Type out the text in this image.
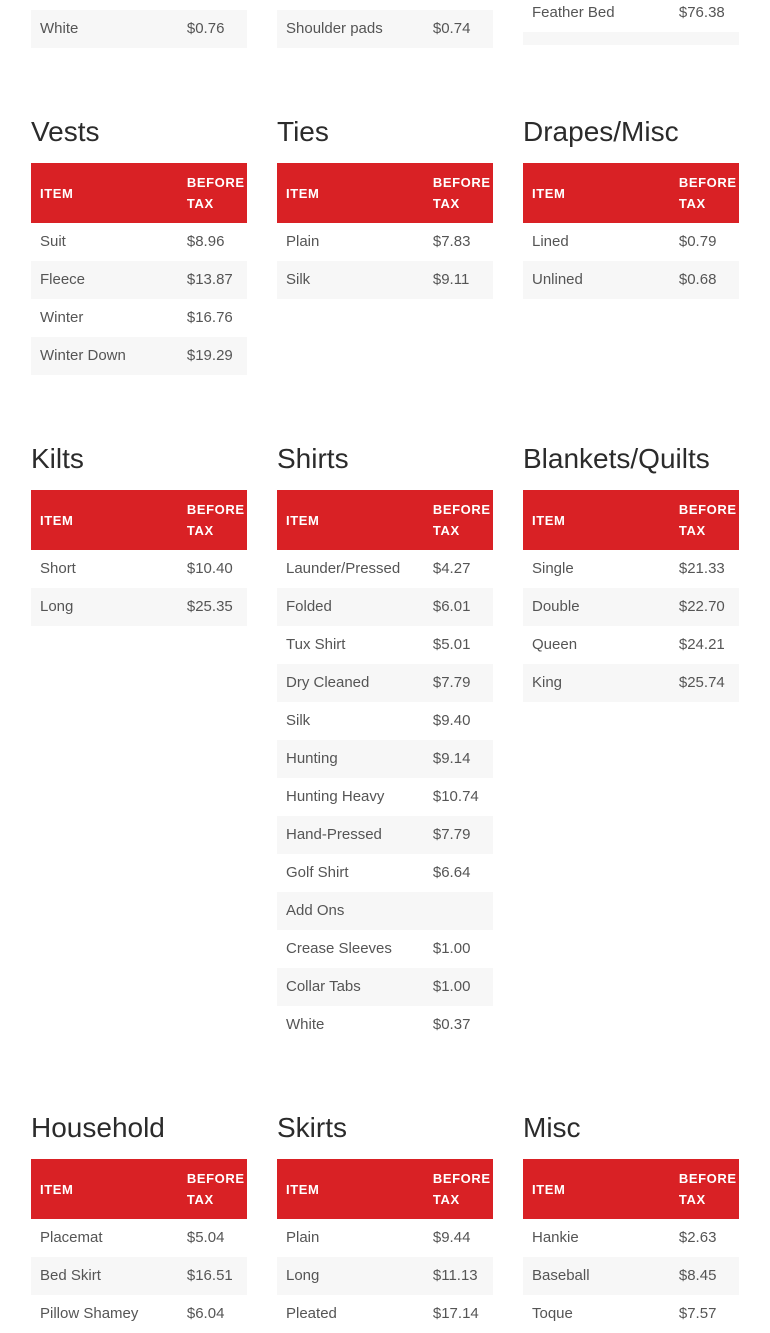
White	$0.76
		Shoulder pads	$0.74
Feather Bed	$76.38
Vests
ITEM	BEFORE TAX
Suit	$8.96
Fleece	$13.87
Winter	$16.76
Winter Down	$19.29
Ties
ITEM	BEFORE TAX
Plain	$7.83
Silk	$9.11
Drapes/Misc
ITEM	BEFORE TAX
Lined	$0.79
Unlined	$0.68
Kilts
ITEM	BEFORE TAX
Short	$10.40
Long	$25.35
Shirts
ITEM	BEFORE TAX
Launder/Pressed	$4.27
Folded	$6.01
Tux Shirt	$5.01
Dry Cleaned	$7.79
Silk	$9.40
Hunting	$9.14
Hunting Heavy	$10.74
Hand-Pressed	$7.79
Golf Shirt	$6.64
Add Ons	
Crease Sleeves	$1.00
Collar Tabs	$1.00
White	$0.37
Blankets/Quilts
ITEM	BEFORE TAX
Single	$21.33
Double	$22.70
Queen	$24.21
King	$25.74
Household
ITEM	BEFORE TAX
Placemat	$5.04
Bed Skirt	$16.51
Pillow Shamey	$6.04
Skirts
ITEM	BEFORE TAX
Plain	$9.44
Long	$11.13
Pleated	$17.14
Misc
ITEM	BEFORE TAX
Hankie	$2.63
Baseball	$8.45
Toque	$7.57
